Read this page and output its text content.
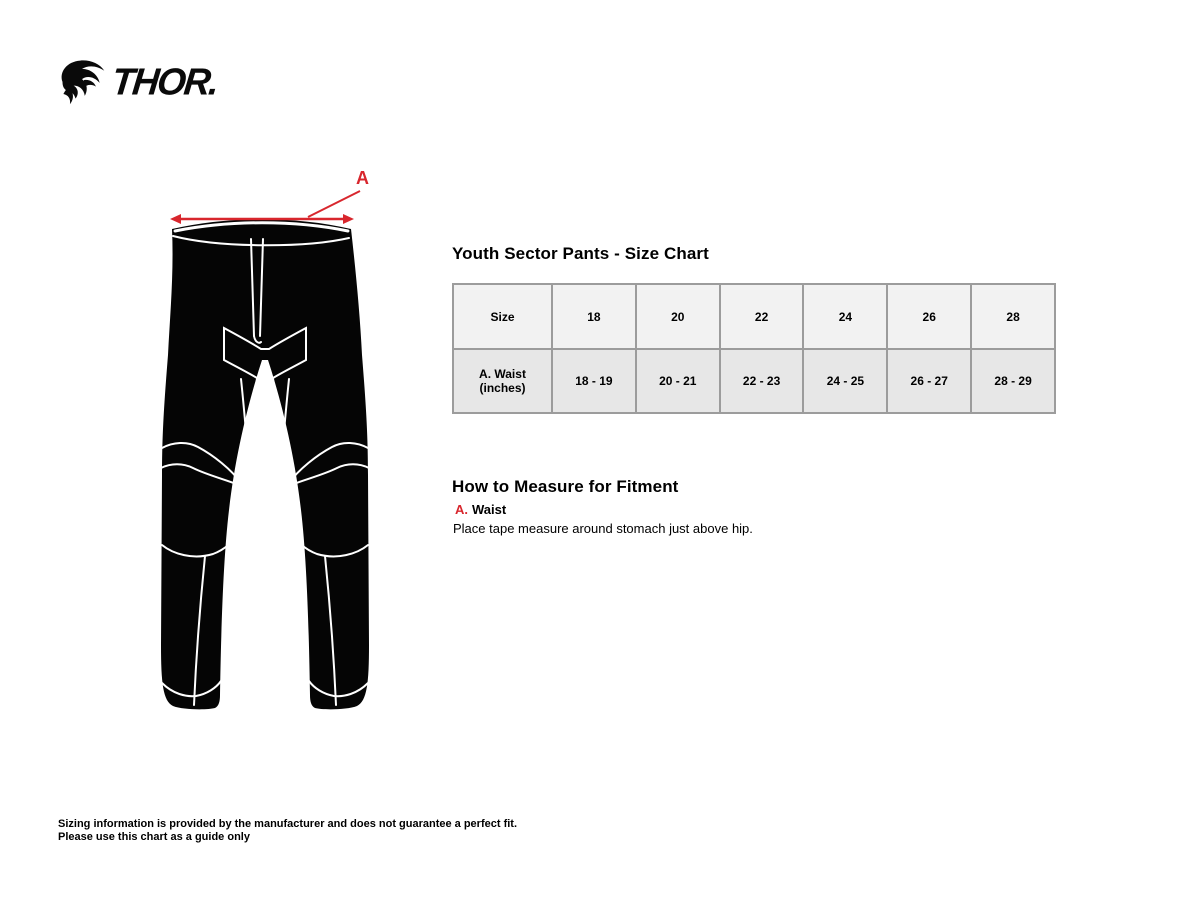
THOR.
A
Youth Sector Pants - Size Chart
Size	18	20	22	24	26	28
A. Waist (inches)	18 - 19	20 - 21	22 - 23	24 - 25	26 - 27	28 - 29
How to Measure for Fitment
A. Waist
Place tape measure around stomach just above hip.
Sizing information is provided by the manufacturer and does not guarantee a perfect fit.
Please use this chart as a guide only
